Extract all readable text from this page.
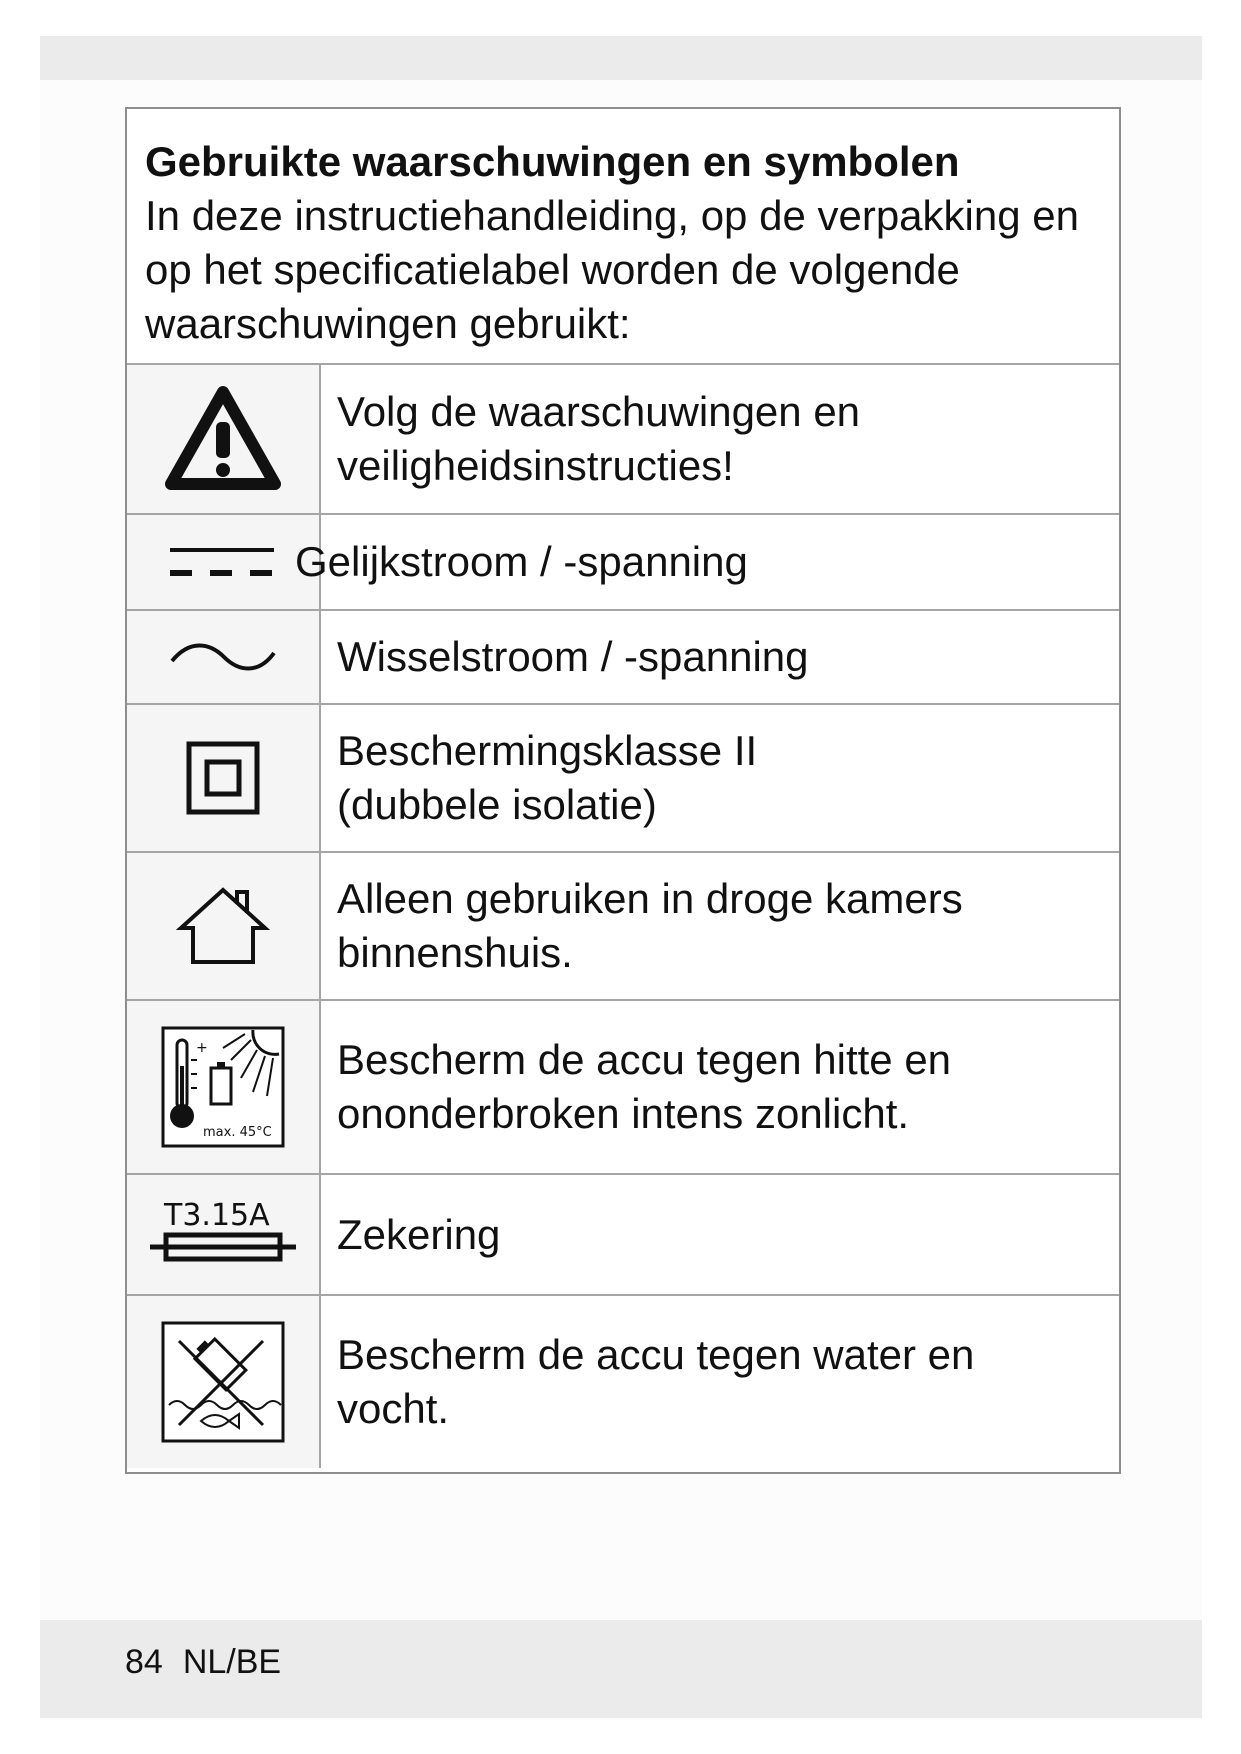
Gebruikte waarschuwingen en symbolen

In deze instructiehandleiding, op de verpakking en op het specificatielabel worden de volgende waarschuwingen gebruikt:

Volg de waarschuwingen en
veiligheidsinstructies!
Gelijkstroom / -spanning
Wisselstroom / -spanning
Beschermingsklasse II
(dubbele isolatie)
Alleen gebruiken in droge kamers
binnenshuis.
+
max. 45°C
Bescherm de accu tegen hitte en
ononderbroken intens zonlicht.
T3.15A Zekering
Bescherm de accu tegen water en
vocht.
84 NL/BE
